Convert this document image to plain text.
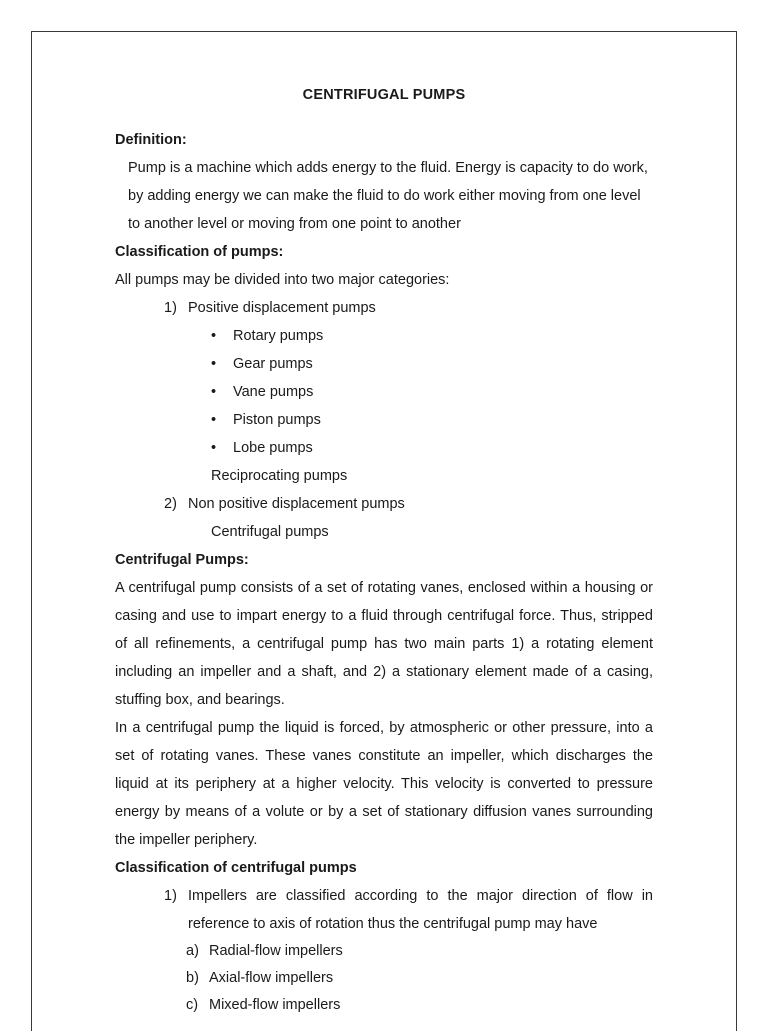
CENTRIFUGAL PUMPS
Definition:

Pump is a machine which adds energy to the fluid. Energy is capacity to do work, by adding energy we can make the fluid to do work either moving from one level to another level or moving from one point to another

Classification of pumps:

All pumps may be divided into two major categories:

1) Positive displacement pumps
• Rotary pumps
• Gear pumps
• Vane pumps
• Piston pumps
• Lobe pumps

Reciprocating pumps

2) Non positive displacement pumps

Centrifugal pumps

Centrifugal Pumps:

A centrifugal pump consists of a set of rotating vanes, enclosed within a housing or casing and use to impart energy to a fluid through centrifugal force. Thus, stripped of all refinements, a centrifugal pump has two main parts 1) a rotating element including an impeller and a shaft, and 2) a stationary element made of a casing, stuffing box, and bearings.

In a centrifugal pump the liquid is forced, by atmospheric or other pressure, into a set of rotating vanes. These vanes constitute an impeller, which discharges the liquid at its periphery at a higher velocity. This velocity is converted to pressure energy by means of a volute or by a set of stationary diffusion vanes surrounding the impeller periphery.

Classification of centrifugal pumps
1) Impellers are classified according to the major direction of flow in reference to axis of rotation thus the centrifugal pump may have
a) Radial-flow impellers
b) Axial-flow impellers
c) Mixed-flow impellers
